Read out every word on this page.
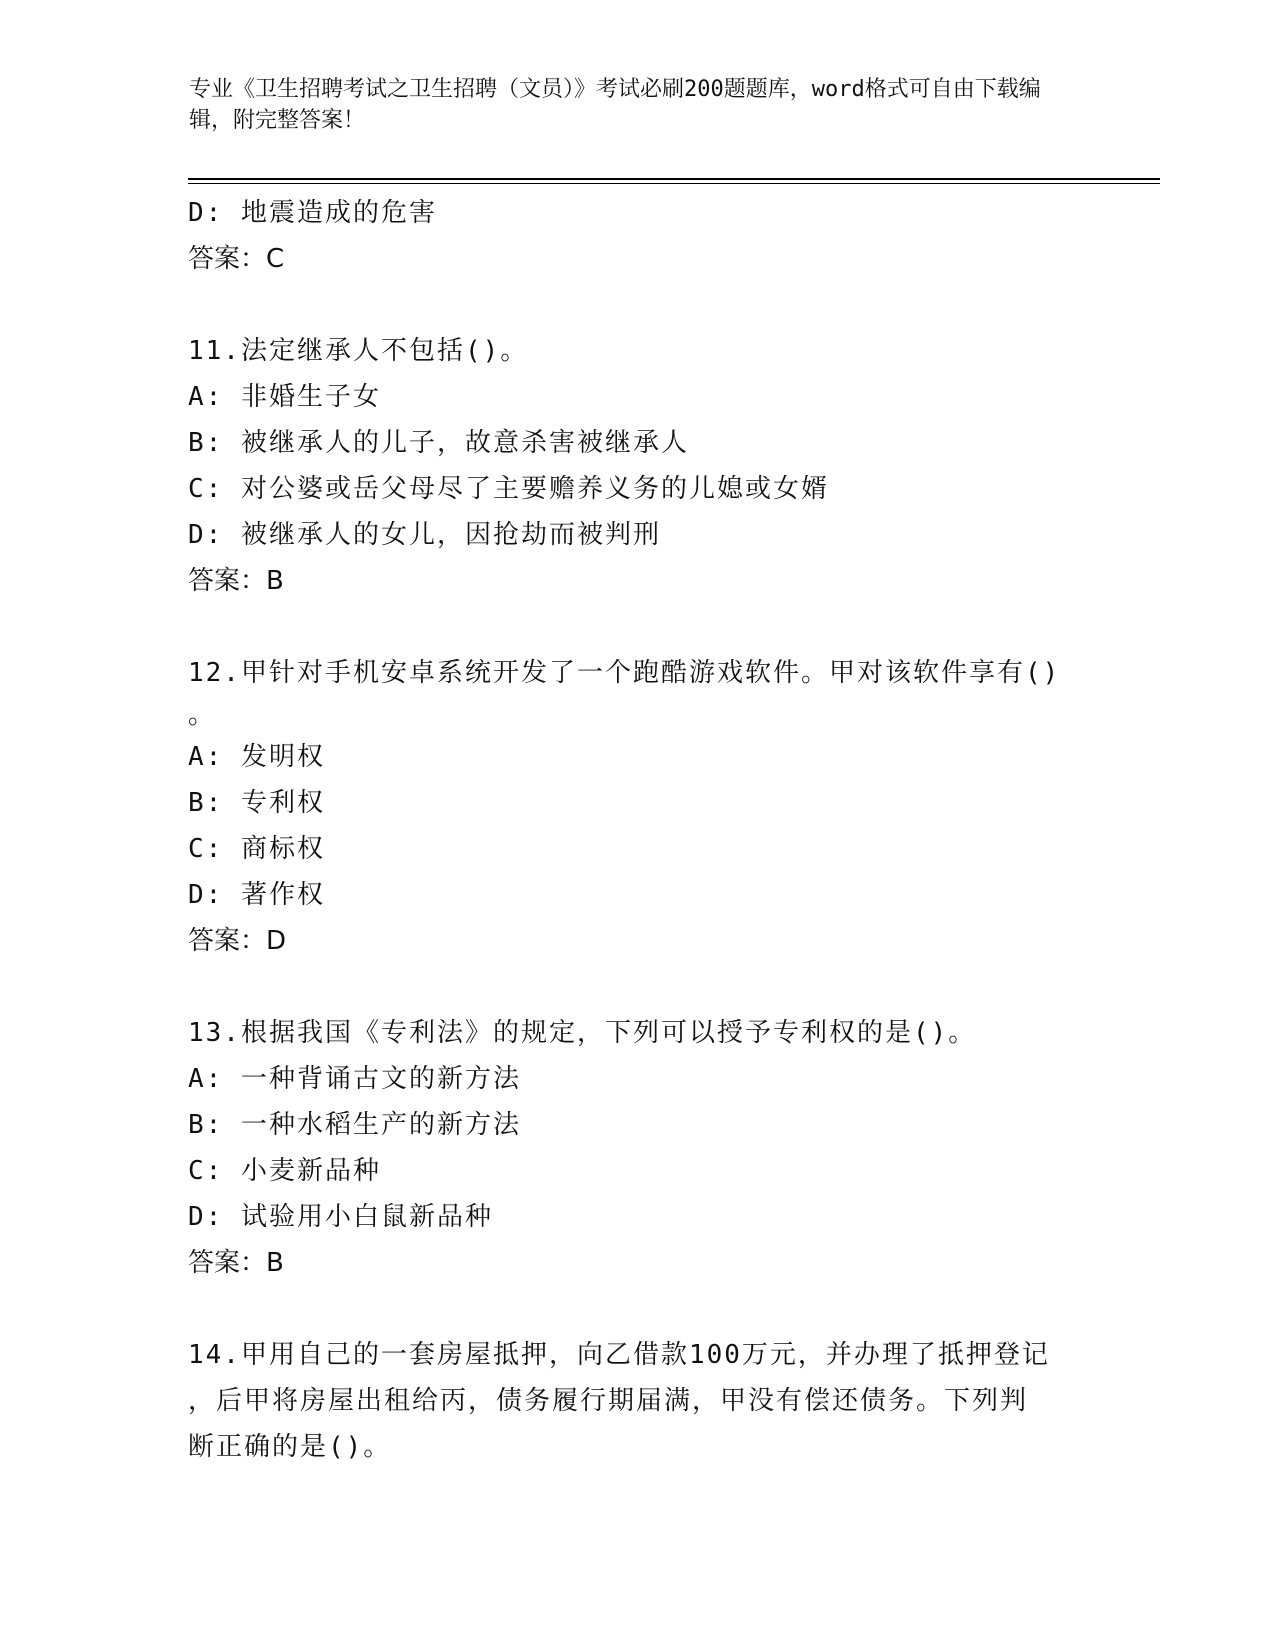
专业《卫生招聘考试之卫生招聘（文员）》考试必刷200题题库，word格式可自由下载编辑，附完整答案！
D: 地震造成的危害
答案：C
11.法定继承人不包括()。
A: 非婚生子女
B: 被继承人的儿子，故意杀害被继承人
C: 对公婆或岳父母尽了主要赡养义务的儿媳或女婿
D: 被继承人的女儿，因抢劫而被判刑
答案：B
12.甲针对手机安卓系统开发了一个跑酷游戏软件。甲对该软件享有()
。
A: 发明权
B: 专利权
C: 商标权
D: 著作权
答案：D
13.根据我国《专利法》的规定，下列可以授予专利权的是()。
A: 一种背诵古文的新方法
B: 一种水稻生产的新方法
C: 小麦新品种
D: 试验用小白鼠新品种
答案：B
14.甲用自己的一套房屋抵押，向乙借款100万元，并办理了抵押登记
，后甲将房屋出租给丙，债务履行期届满，甲没有偿还债务。下列判
断正确的是()。
